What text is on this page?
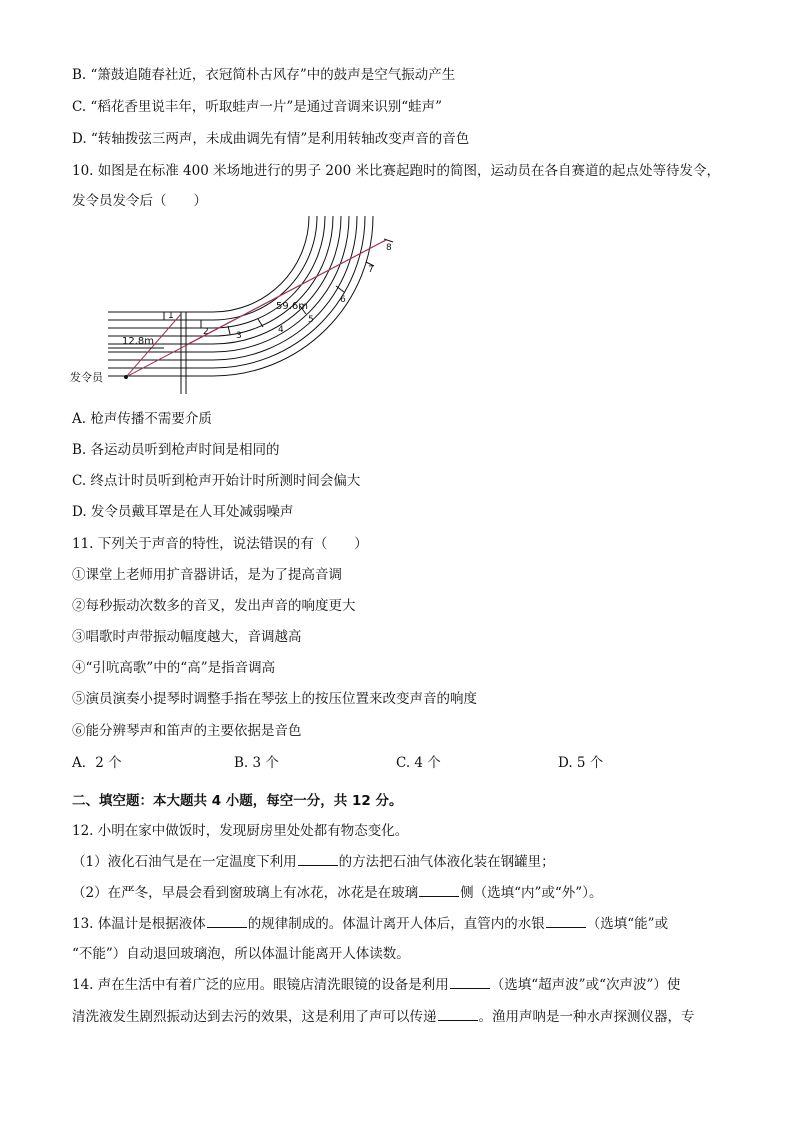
B. “箫鼓追随春社近，衣冠简朴古风存”中的鼓声是空气振动产生
C. “稻花香里说丰年，听取蛙声一片”是通过音调来识别“蛙声”
D. “转轴拨弦三两声，未成曲调先有情”是利用转轴改变声音的音色
10. 如图是在标准 400 米场地进行的男子 200 米比赛起跑时的简图，运动员在各自赛道的起点处等待发令，
发令员发令后（　　）
12.8m
59.6m
发令员
1
2	3
4
5
6
7
8
A. 枪声传播不需要介质
B. 各运动员听到枪声时间是相同的
C. 终点计时员听到枪声开始计时所测时间会偏大
D. 发令员戴耳罩是在人耳处减弱噪声
11. 下列关于声音的特性，说法错误的有（　　）
①课堂上老师用扩音器讲话，是为了提高音调
②每秒振动次数多的音叉，发出声音的响度更大
③唱歌时声带振动幅度越大，音调越高
④“引吭高歌”中的“高”是指音调高
⑤演员演奏小提琴时调整手指在琴弦上的按压位置来改变声音的响度
⑥能分辨琴声和笛声的主要依据是音色
A．2 个	B. 3 个	C. 4 个	D. 5 个
二、填空题：本大题共 4 小题，每空一分，共 12 分。
12. 小明在家中做饭时，发现厨房里处处都有物态变化。
（1）液化石油气是在一定温度下利用	的方法把石油气体液化装在钢罐里；
（2）在严冬，早晨会看到窗玻璃上有冰花，冰花是在玻璃	侧（选填“内”或“外”）。
13. 体温计是根据液体	的规律制成的。体温计离开人体后，直管内的水银	（选填“能”或
“不能”）自动退回玻璃泡，所以体温计能离开人体读数。
14. 声在生活中有着广泛的应用。眼镜店清洗眼镜的设备是利用	（选填“超声波”或“次声波”）使
清洗液发生剧烈振动达到去污的效果，这是利用了声可以传递	。渔用声呐是一种水声探测仪器，专
